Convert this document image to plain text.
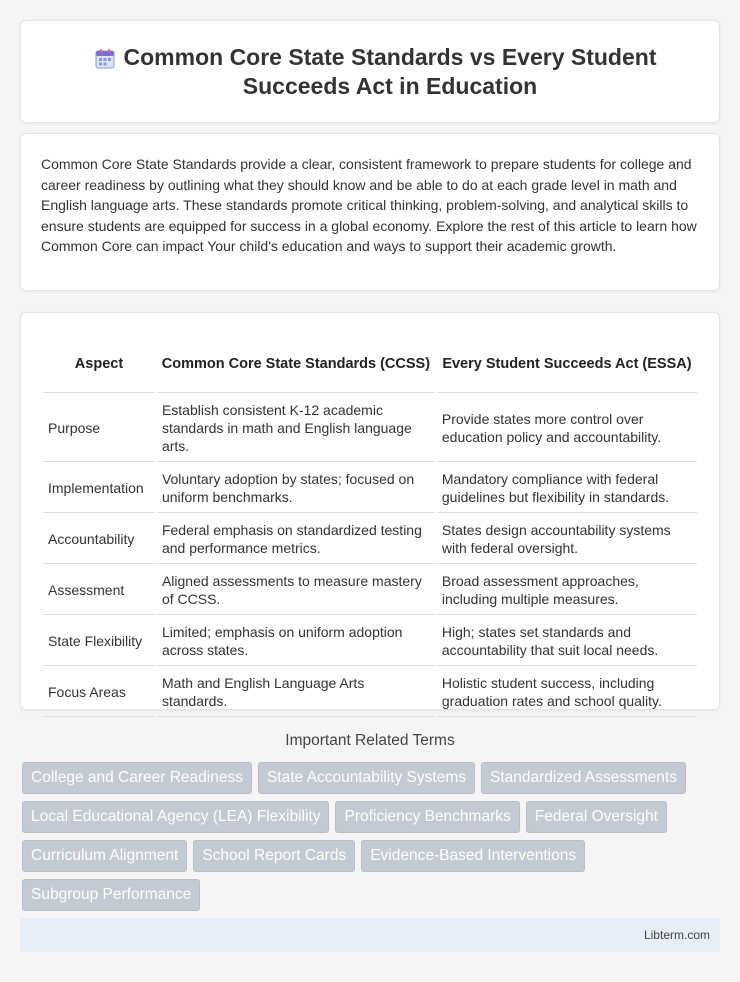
Common Core State Standards vs Every Student Succeeds Act in Education

Common Core State Standards provide a clear, consistent framework to prepare students for college and career readiness by outlining what they should know and be able to do at each grade level in math and English language arts. These standards promote critical thinking, problem-solving, and analytical skills to ensure students are equipped for success in a global economy. Explore the rest of this article to learn how Common Core can impact Your child's education and ways to support their academic growth.

Aspect	Common Core State Standards (CCSS)	Every Student Succeeds Act (ESSA)
Purpose	Establish consistent K-12 academic standards in math and English language arts.	Provide states more control over education policy and accountability.
Implementation	Voluntary adoption by states; focused on uniform benchmarks.	Mandatory compliance with federal guidelines but flexibility in standards.
Accountability	Federal emphasis on standardized testing and performance metrics.	States design accountability systems with federal oversight.
Assessment	Aligned assessments to measure mastery of CCSS.	Broad assessment approaches, including multiple measures.
State Flexibility	Limited; emphasis on uniform adoption across states.	High; states set standards and accountability that suit local needs.
Focus Areas	Math and English Language Arts standards.	Holistic student success, including graduation rates and school quality.
Important Related Terms
College and Career Readiness	State Accountability Systems	Standardized Assessments
Local Educational Agency (LEA) Flexibility	Proficiency Benchmarks	Federal Oversight
Curriculum Alignment	School Report Cards	Evidence-Based Interventions
Subgroup Performance
Libterm.com
